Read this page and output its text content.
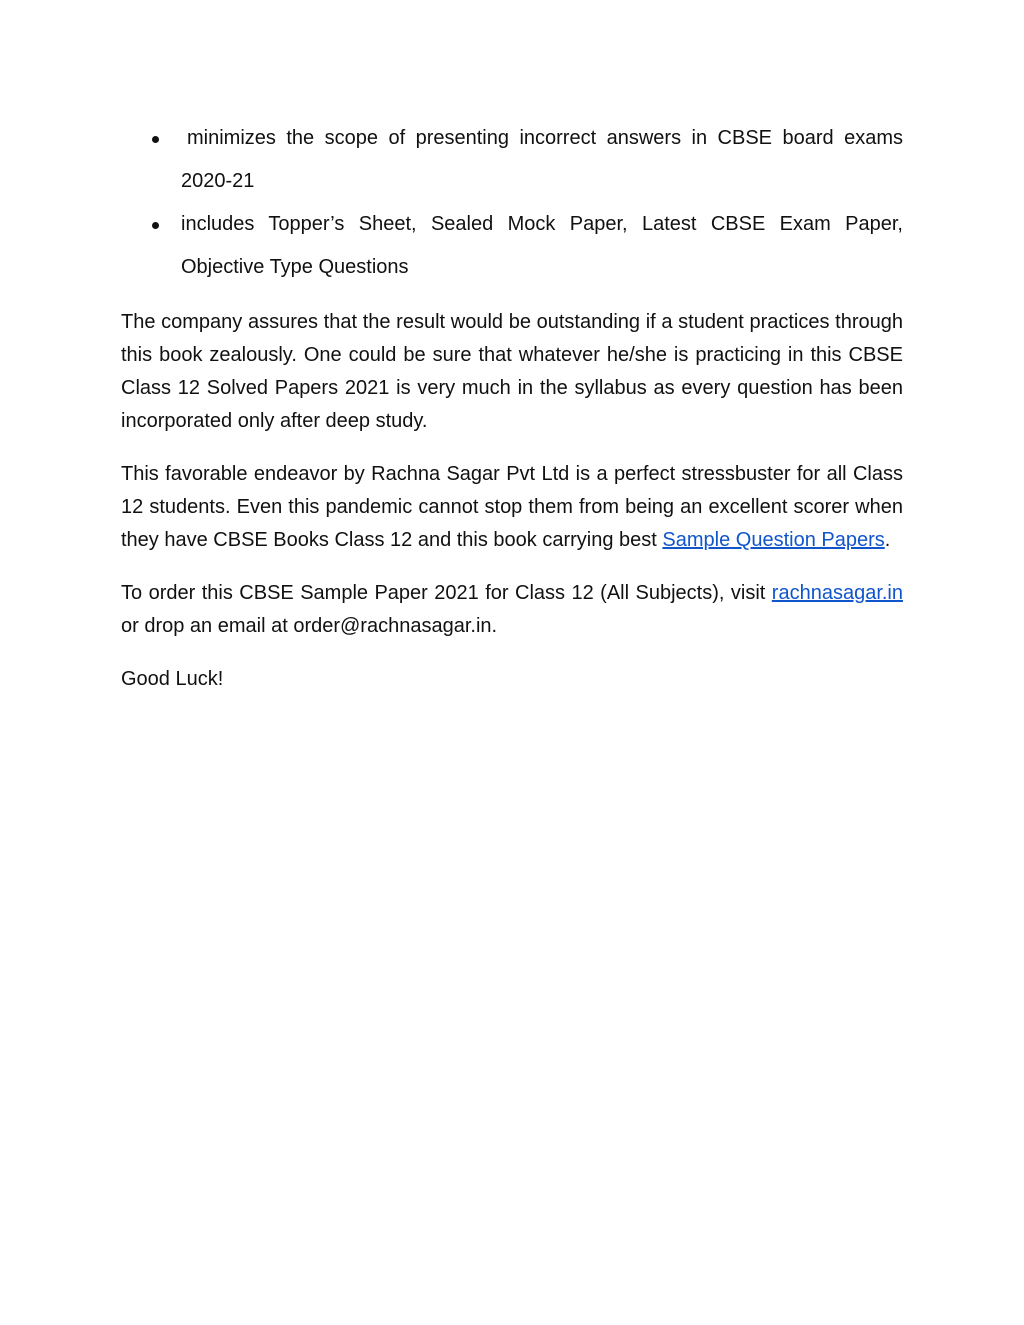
minimizes the scope of presenting incorrect answers in CBSE board exams 2020-21
includes Topper’s Sheet, Sealed Mock Paper, Latest CBSE Exam Paper, Objective Type Questions

The company assures that the result would be outstanding if a student practices through this book zealously. One could be sure that whatever he/she is practicing in this CBSE Class 12 Solved Papers 2021 is very much in the syllabus as every question has been incorporated only after deep study.

This favorable endeavor by Rachna Sagar Pvt Ltd is a perfect stressbuster for all Class 12 students. Even this pandemic cannot stop them from being an excellent scorer when they have CBSE Books Class 12 and this book carrying best Sample Question Papers.

To order this CBSE Sample Paper 2021 for Class 12 (All Subjects), visit rachnasagar.in or drop an email at order@rachnasagar.in.

Good Luck!
